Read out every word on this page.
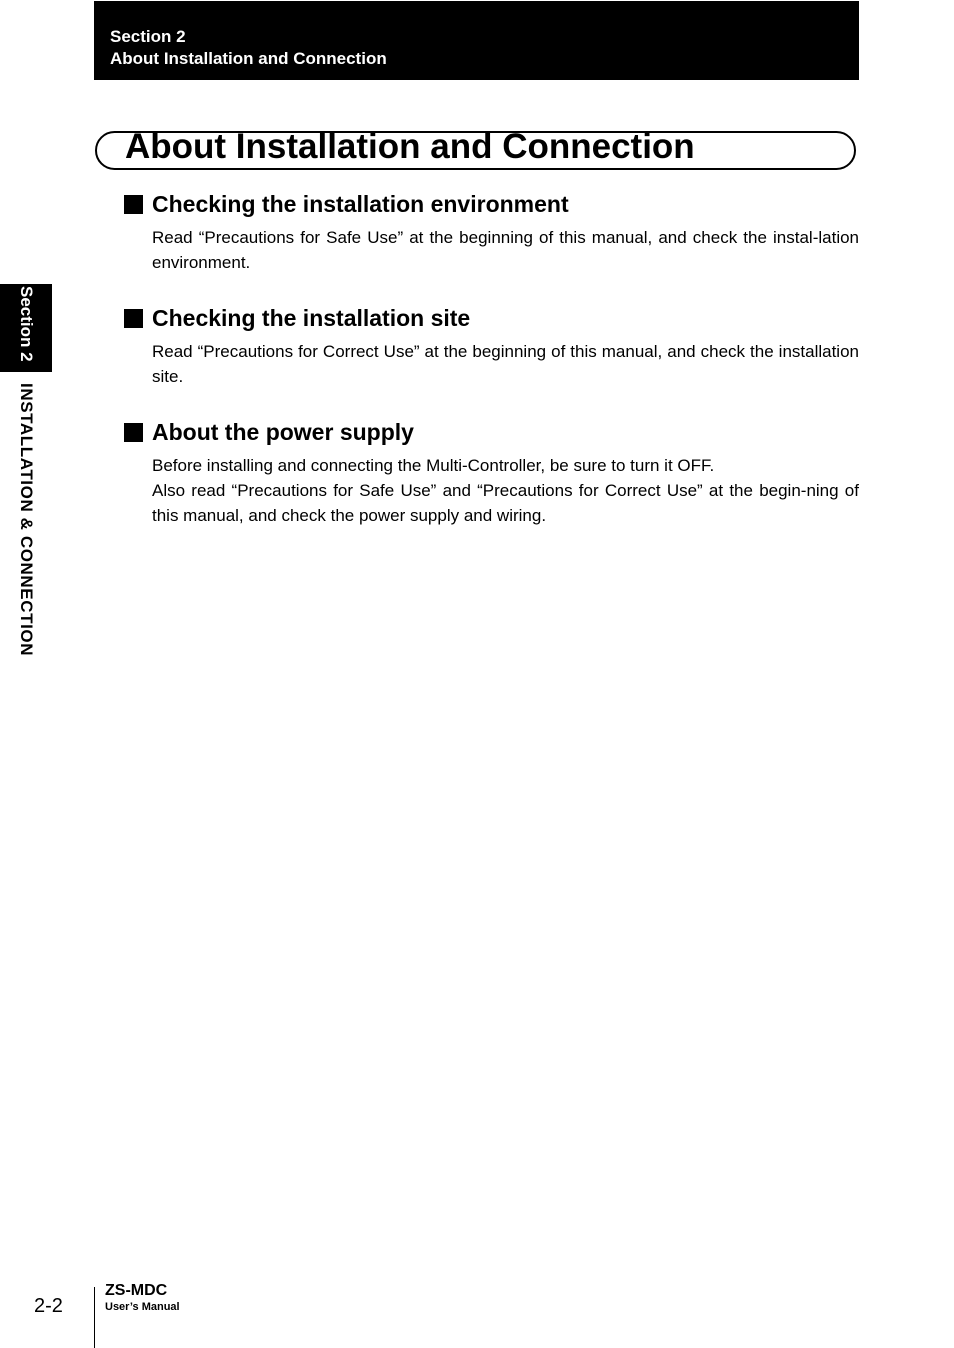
Section 2
About Installation and Connection
About Installation and Connection
Section 2
INSTALLATION & CONNECTION
Checking the installation environment

Read “Precautions for Safe Use” at the beginning of this manual, and check the instal-lation environment.

Checking the installation site

Read “Precautions for Correct Use” at the beginning of this manual, and check the installation site.

About the power supply

Before installing and connecting the Multi-Controller, be sure to turn it OFF.

Also read “Precautions for Safe Use” and “Precautions for Correct Use” at the begin-ning of this manual, and check the power supply and wiring.

2-2
ZS-MDC
User’s Manual
